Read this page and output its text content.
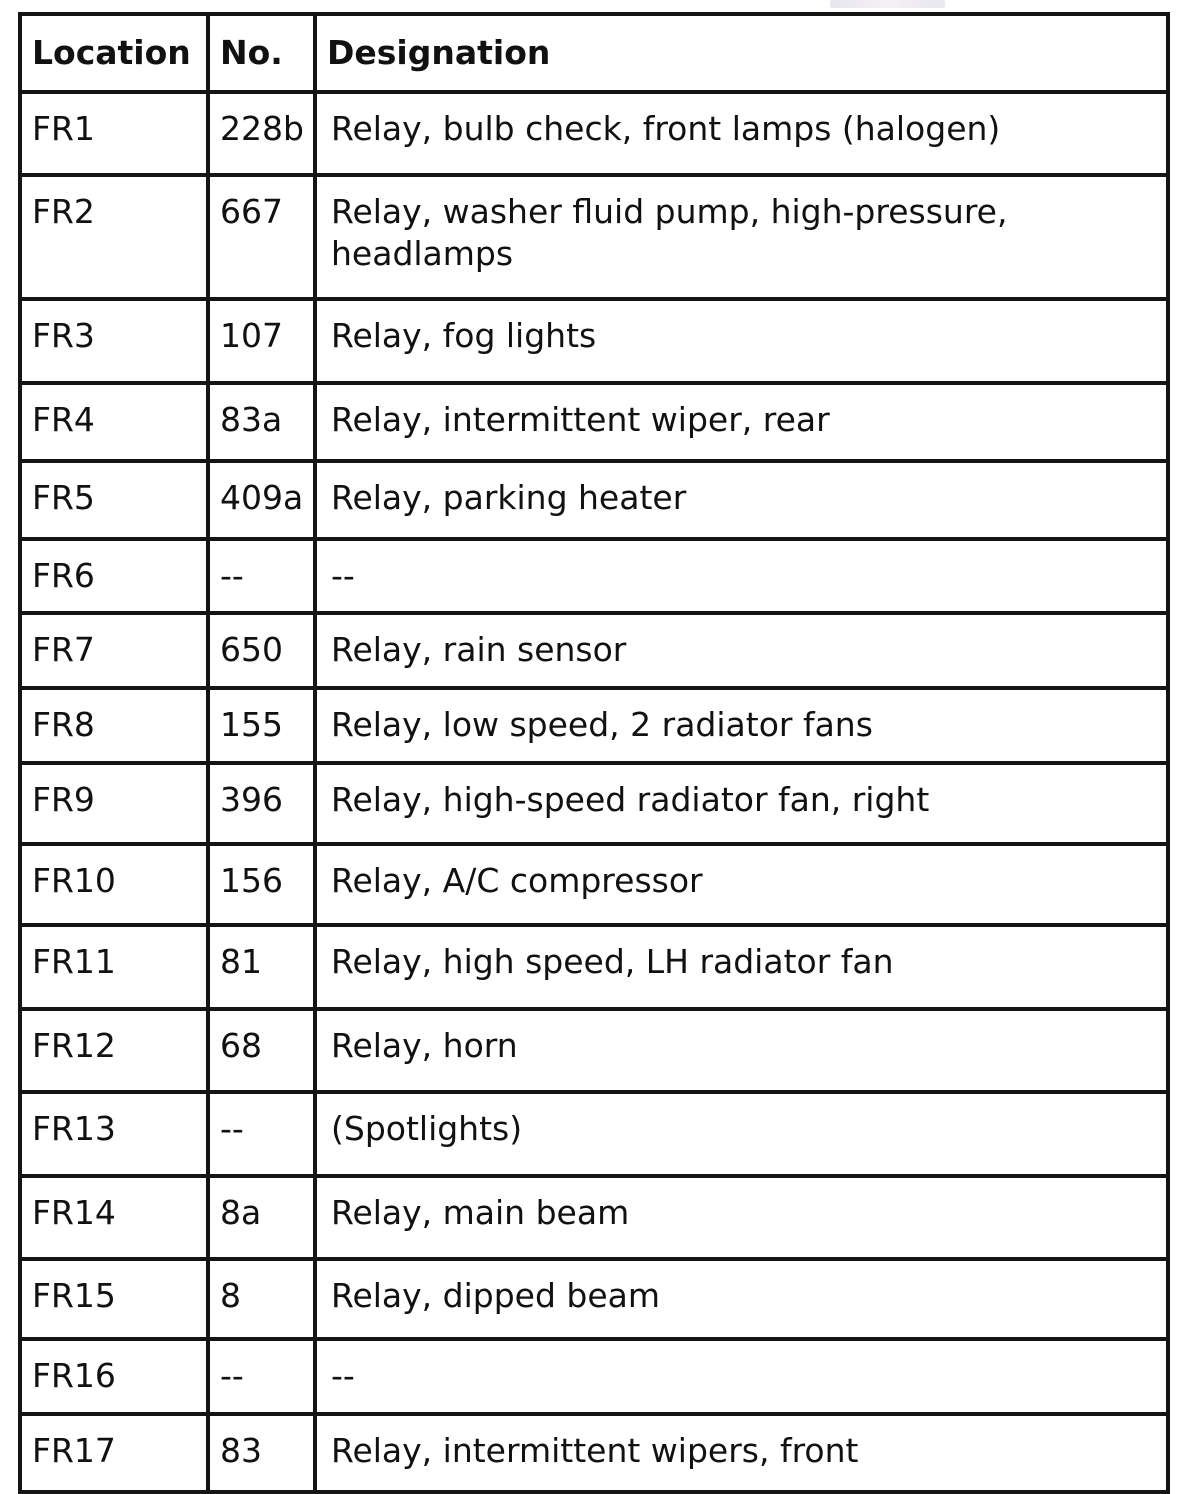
Location	No.	Designation
FR1	228b	Relay, bulb check, front lamps (halogen)
FR2	667	Relay, washer fluid pump, high-pressure, headlamps
FR3	107	Relay, fog lights
FR4	83a	Relay, intermittent wiper, rear
FR5	409a	Relay, parking heater
FR6	--	--
FR7	650	Relay, rain sensor
FR8	155	Relay, low speed, 2 radiator fans
FR9	396	Relay, high-speed radiator fan, right
FR10	156	Relay, A/C compressor
FR11	81	Relay, high speed, LH radiator fan
FR12	68	Relay, horn
FR13	--	(Spotlights)
FR14	8a	Relay, main beam
FR15	8	Relay, dipped beam
FR16	--	--
FR17	83	Relay, intermittent wipers, front
